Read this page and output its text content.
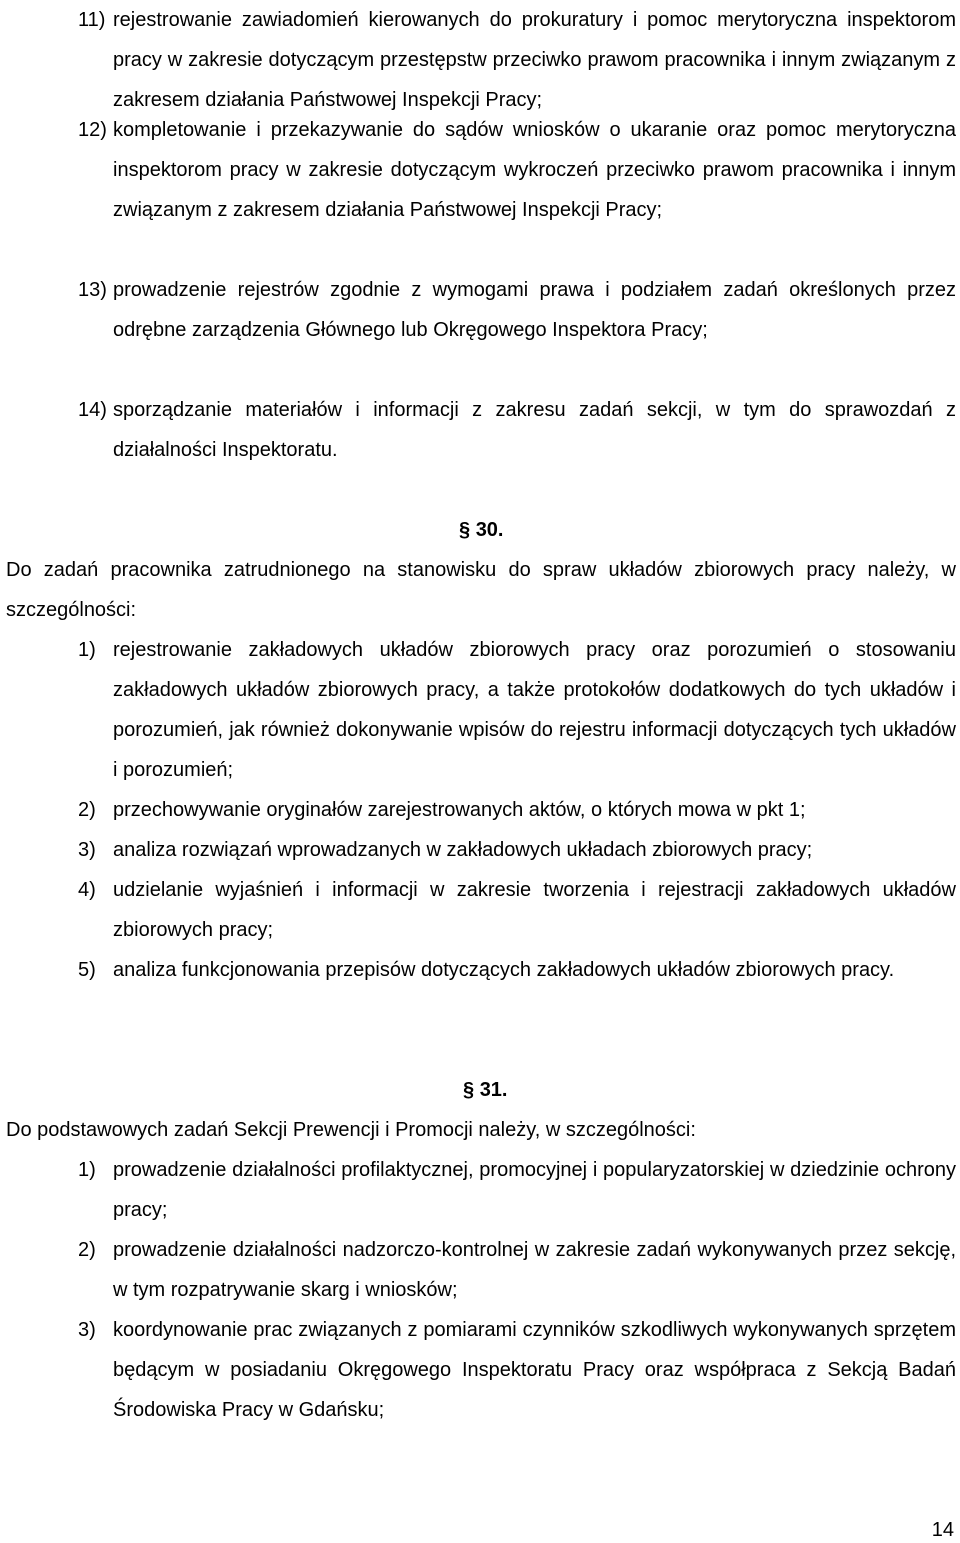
11) rejestrowanie zawiadomień kierowanych do prokuratury i pomoc merytoryczna inspektorom pracy w zakresie dotyczącym przestępstw przeciwko prawom pracownika i innym związanym z zakresem działania Państwowej Inspekcji Pracy;
12) kompletowanie i przekazywanie do sądów wniosków o ukaranie oraz pomoc merytoryczna inspektorom pracy w zakresie dotyczącym wykroczeń przeciwko prawom pracownika i innym związanym z zakresem działania Państwowej Inspekcji Pracy;
13) prowadzenie rejestrów zgodnie z wymogami prawa i podziałem zadań określonych przez odrębne zarządzenia Głównego lub Okręgowego Inspektora Pracy;
14) sporządzanie materiałów i informacji z zakresu zadań sekcji, w tym do sprawozdań z działalności Inspektoratu.
§ 30.
Do zadań pracownika zatrudnionego na stanowisku do spraw układów zbiorowych pracy należy, w szczególności:
1) rejestrowanie zakładowych układów zbiorowych pracy oraz porozumień o stosowaniu zakładowych układów zbiorowych pracy, a także protokołów dodatkowych do tych układów i porozumień, jak również dokonywanie wpisów do rejestru informacji dotyczących tych układów i porozumień;
2) przechowywanie oryginałów zarejestrowanych aktów, o których mowa w pkt 1;
3) analiza rozwiązań wprowadzanych w zakładowych układach zbiorowych pracy;
4) udzielanie wyjaśnień i informacji w zakresie tworzenia i rejestracji zakładowych układów zbiorowych pracy;
5) analiza funkcjonowania przepisów dotyczących zakładowych układów zbiorowych pracy.
§ 31.
Do podstawowych zadań Sekcji Prewencji i Promocji należy, w szczególności:
1) prowadzenie działalności profilaktycznej, promocyjnej i popularyzatorskiej w dziedzinie ochrony pracy;
2) prowadzenie działalności nadzorczo-kontrolnej w zakresie zadań wykonywanych przez sekcję, w tym rozpatrywanie skarg i wniosków;
3) koordynowanie prac związanych z pomiarami czynników szkodliwych wykonywanych sprzętem będącym w posiadaniu Okręgowego Inspektoratu Pracy oraz współpraca z Sekcją Badań Środowiska Pracy w Gdańsku;
14
